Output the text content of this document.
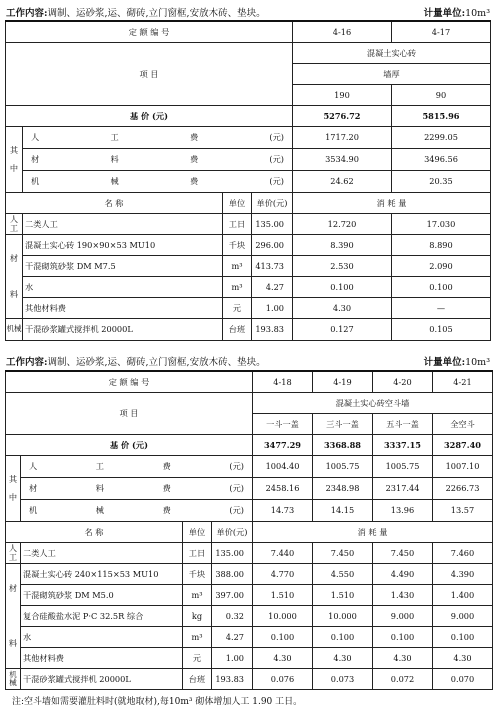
工作内容:调制、运砂浆,运、砌砖,立门窗框,安放木砖、垫块。	计量单位:10m³
定 额 编 号				4-16	4-17
项 目				混凝土实心砖	
				墙厚	
				190	90
基 价 (元)				5276.72	5815.96
其

中	人 工 费 (元)			1717.20	2299.05

	材 料 费 (元)			3534.90	3496.56

	机 械 费 (元)			24.62	20.35
名 称		单位	单价(元)	消 耗 量	
人工	二类人工	工日	135.00	12.720	17.030
材

料	混凝土实心砖 190×90×53 MU10	千块	296.00	8.390	8.890
	干混砌筑砂浆 DM M7.5	m³	413.73	2.530	2.090
	水	m³	4.27	0.100	0.100
	其他材料费	元	1.00	4.30	—
机械	干混砂浆罐式搅拌机 20000L	台班	193.83	0.127	0.105
工作内容:调制、运砂浆,运、砌砖,立门窗框,安放木砖、垫块。	计量单位:10m³
定 额 编 号				4-18	4-19	4-20	4-21
项 目				混凝土实心砖空斗墙			
				一斗一盖	三斗一盖	五斗一盖	全空斗
基 价 (元)				3477.29	3368.88	3337.15	3287.40
其

中	人 工 费 (元)			1004.40	1005.75	1005.75	1007.10

	材 料 费 (元)			2458.16	2348.98	2317.44	2266.73

	机 械 费 (元)			14.73	14.15	13.96	13.57
名 称		单位	单价(元)	消 耗 量			
人工	二类人工	工日	135.00	7.440	7.450	7.450	7.460
材

料	混凝土实心砖 240×115×53 MU10	千块	388.00	4.770	4.550	4.490	4.390
	干混砌筑砂浆 DM M5.0	m³	397.00	1.510	1.510	1.430	1.400
	复合硅酸盐水泥 P·C 32.5R 综合	kg	0.32	10.000	10.000	9.000	9.000
	水	m³	4.27	0.100	0.100	0.100	0.100
	其他材料费	元	1.00	4.30	4.30	4.30	4.30
机械	干混砂浆罐式搅拌机 20000L	台班	193.83	0.076	0.073	0.072	0.070
注:空斗墙如需要灌肚料时(就地取材),每10m³ 砌体增加人工 1.90 工日。
